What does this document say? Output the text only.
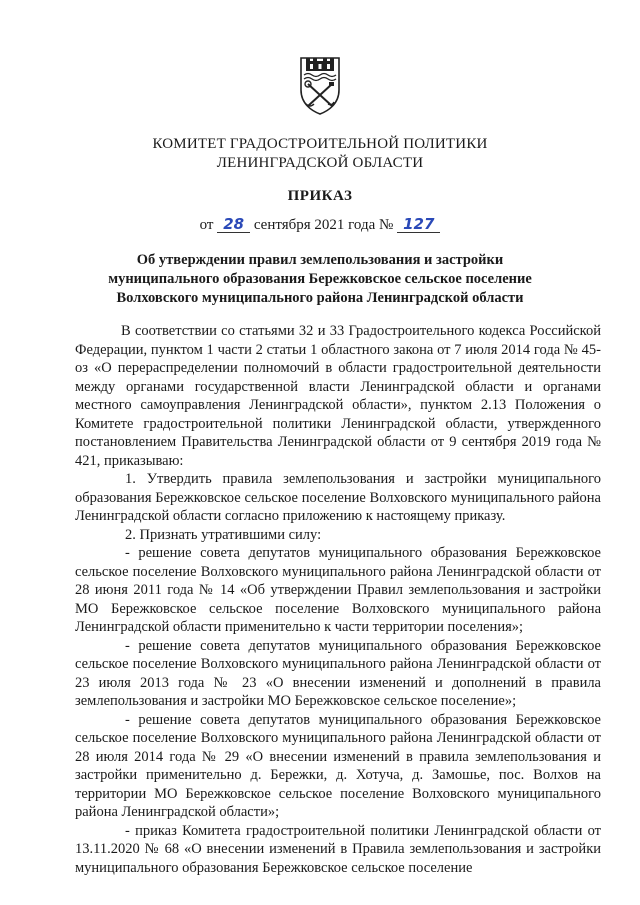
КОМИТЕТ ГРАДОСТРОИТЕЛЬНОЙ ПОЛИТИКИ
ЛЕНИНГРАДСКОЙ ОБЛАСТИ
ПРИКАЗ
от 28 сентября 2021 года № 127
Об утверждении правил землепользования и застройки
муниципального образования Бережковское сельское поселение
Волховского муниципального района Ленинградской области

В соответствии со статьями 32 и 33 Градостроительного кодекса Российской Федерации, пунктом 1 части 2 статьи 1 областного закона от 7 июля 2014 года № 45-оз «О перераспределении полномочий в области градостроительной деятельности между органами государственной власти Ленинградской области и органами местного самоуправления Ленинградской области», пунктом 2.13 Положения о Комитете градостроительной политики Ленинградской области, утвержденного постановлением Правительства Ленинградской области от 9 сентября 2019 года № 421, приказываю:

1. Утвердить правила землепользования и застройки муниципального образования Бережковское сельское поселение Волховского муниципального района Ленинградской области согласно приложению к настоящему приказу.

2. Признать утратившими силу:

- решение совета депутатов муниципального образования Бережковское сельское поселение Волховского муниципального района Ленинградской области от 28 июня 2011 года № 14 «Об утверждении Правил землепользования и застройки МО Бережковское сельское поселение Волховского муниципального района Ленинградской области применительно к части территории поселения»;

- решение совета депутатов муниципального образования Бережковское сельское поселение Волховского муниципального района Ленинградской области от 23 июля 2013 года № 23 «О внесении изменений и дополнений в правила землепользования и застройки МО Бережковское сельское поселение»;

- решение совета депутатов муниципального образования Бережковское сельское поселение Волховского муниципального района Ленинградской области от 28 июля 2014 года № 29 «О внесении изменений в правила землепользования и застройки применительно д. Бережки, д. Хотуча, д. Замошье, пос. Волхов на территории МО Бережковское сельское поселение Волховского муниципального района Ленинградской области»;

- приказ Комитета градостроительной политики Ленинградской области от 13.11.2020 № 68 «О внесении изменений в Правила землепользования и застройки муниципального образования Бережковское сельское поселение
